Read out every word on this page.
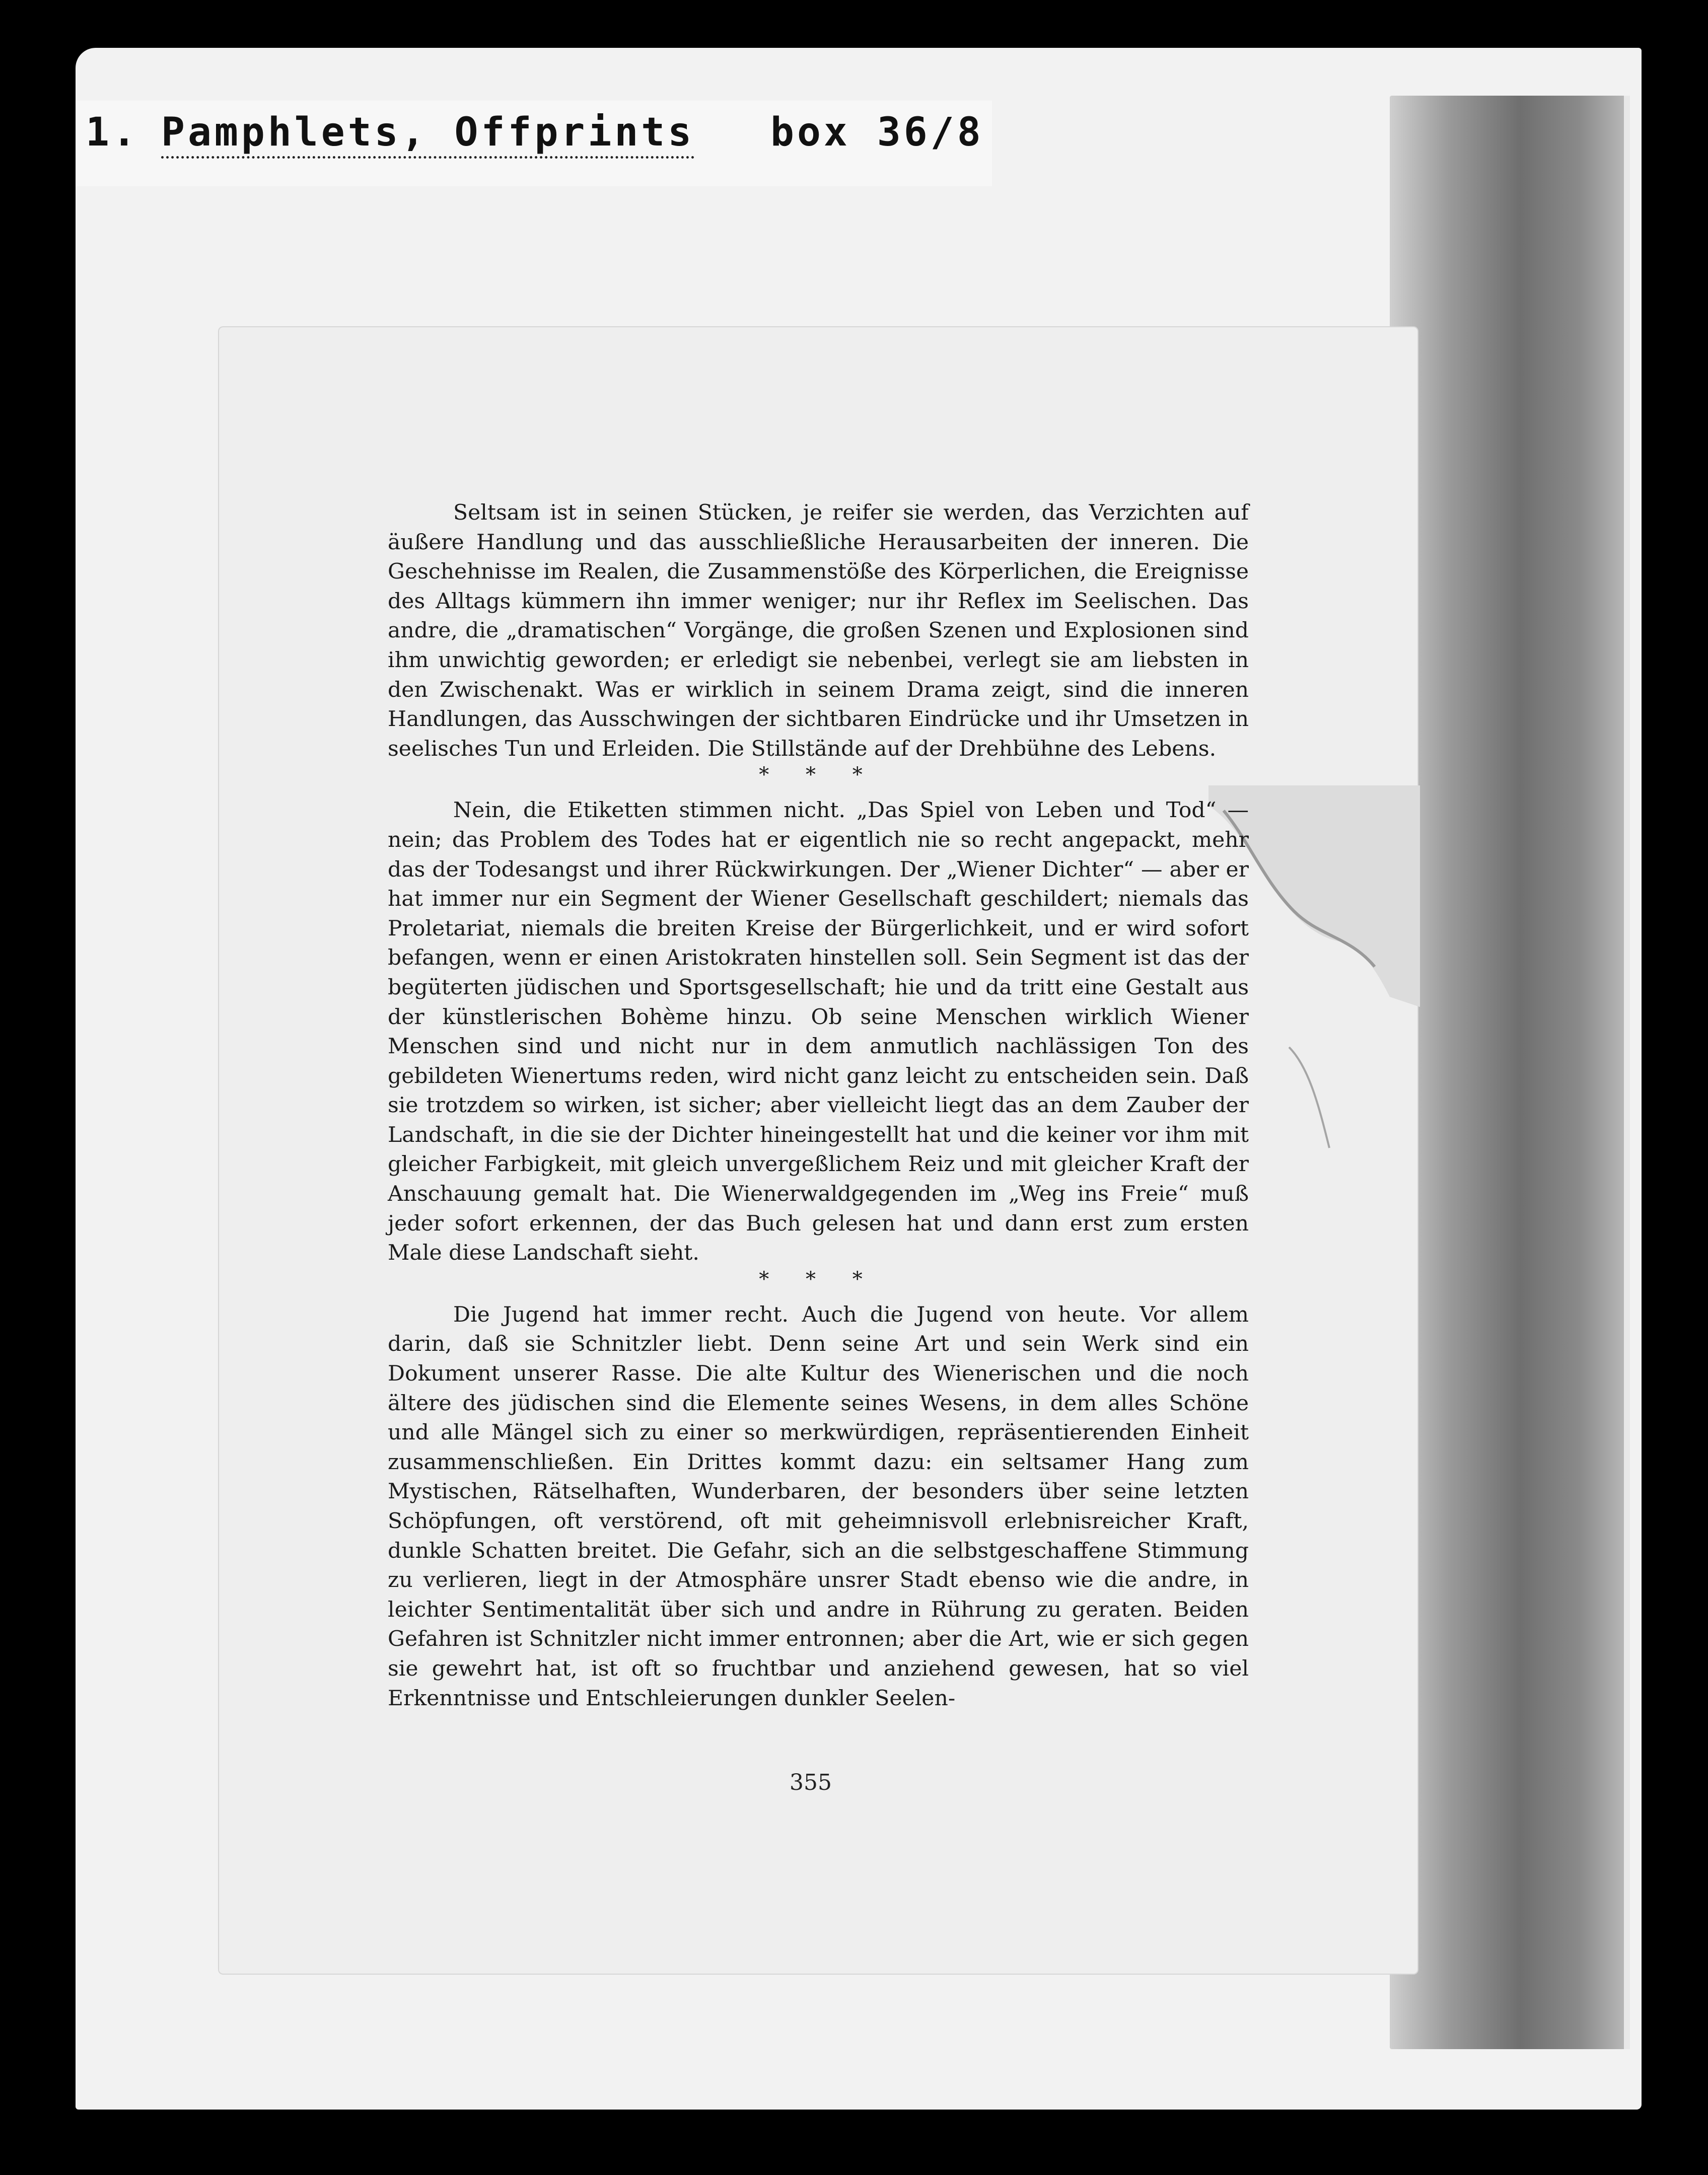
1. Pamphlets, Offprints box 36/8

Seltsam ist in seinen Stücken, je reifer sie werden, das Verzichten auf äußere Handlung und das ausschließliche Herausarbeiten der inneren. Die Geschehnisse im Realen, die Zusammenstöße des Körperlichen, die Ereignisse des Alltags kümmern ihn immer weniger; nur ihr Reflex im Seelischen. Das andre, die „dramatischen“ Vorgänge, die großen Szenen und Explosionen sind ihm unwichtig geworden; er erledigt sie nebenbei, verlegt sie am liebsten in den Zwischenakt. Was er wirklich in seinem Drama zeigt, sind die inneren Handlungen, das Ausschwingen der sichtbaren Eindrücke und ihr Umsetzen in seelisches Tun und Erleiden. Die Stillstände auf der Drehbühne des Lebens.

* * *

Nein, die Etiketten stimmen nicht. „Das Spiel von Leben und Tod“ — nein; das Problem des Todes hat er eigentlich nie so recht angepackt, mehr das der Todesangst und ihrer Rückwirkungen. Der „Wiener Dichter“ — aber er hat immer nur ein Segment der Wiener Gesellschaft geschildert; niemals das Proletariat, niemals die breiten Kreise der Bürgerlichkeit, und er wird sofort befangen, wenn er einen Aristokraten hinstellen soll. Sein Segment ist das der begüterten jüdischen und Sportsgesellschaft; hie und da tritt eine Gestalt aus der künstlerischen Bohème hinzu. Ob seine Menschen wirklich Wiener Menschen sind und nicht nur in dem anmutlich nachlässigen Ton des gebildeten Wienertums reden, wird nicht ganz leicht zu entscheiden sein. Daß sie trotzdem so wirken, ist sicher; aber vielleicht liegt das an dem Zauber der Landschaft, in die sie der Dichter hineingestellt hat und die keiner vor ihm mit gleicher Farbigkeit, mit gleich unvergeßlichem Reiz und mit gleicher Kraft der Anschauung gemalt hat. Die Wienerwaldgegenden im „Weg ins Freie“ muß jeder sofort erkennen, der das Buch gelesen hat und dann erst zum ersten Male diese Landschaft sieht.

* * *

Die Jugend hat immer recht. Auch die Jugend von heute. Vor allem darin, daß sie Schnitzler liebt. Denn seine Art und sein Werk sind ein Dokument unserer Rasse. Die alte Kultur des Wienerischen und die noch ältere des jüdischen sind die Elemente seines Wesens, in dem alles Schöne und alle Mängel sich zu einer so merkwürdigen, repräsentierenden Einheit zusammenschließen. Ein Drittes kommt dazu: ein seltsamer Hang zum Mystischen, Rätselhaften, Wunderbaren, der besonders über seine letzten Schöpfungen, oft verstörend, oft mit geheimnisvoll erlebnisreicher Kraft, dunkle Schatten breitet. Die Gefahr, sich an die selbstgeschaffene Stimmung zu verlieren, liegt in der Atmosphäre unsrer Stadt ebenso wie die andre, in leichter Sentimentalität über sich und andre in Rührung zu geraten. Beiden Gefahren ist Schnitzler nicht immer entronnen; aber die Art, wie er sich gegen sie gewehrt hat, ist oft so fruchtbar und anziehend gewesen, hat so viel Erkenntnisse und Entschleierungen dunkler Seelen-

355
